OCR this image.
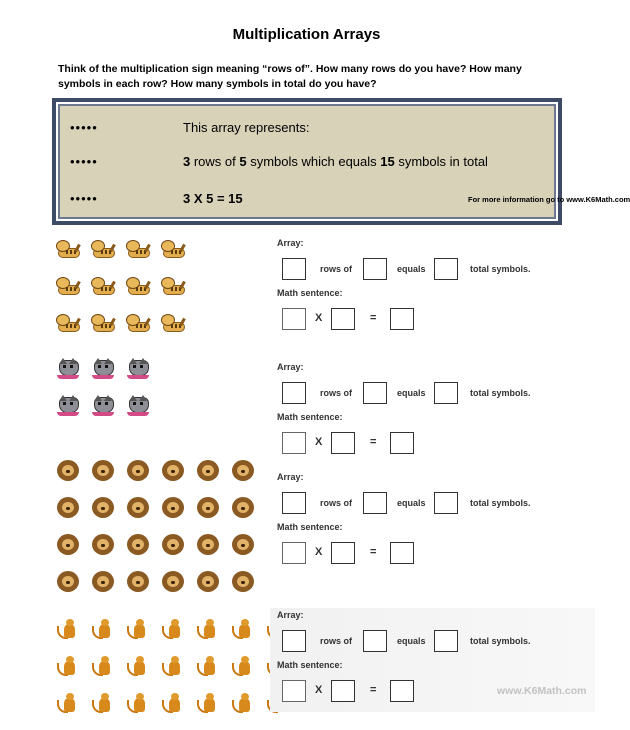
Multiplication Arrays
Think of the multiplication sign meaning “rows of”. How many rows do you have? How many symbols in each row? How many symbols in total do you have?
•••••	This array represents:
•••••	3 rows of 5 symbols which equals 15 symbols in total
•••••	3 X 5 = 15	For more information go to www.K6Math.com
Array:
rows of	equals	total symbols.
Math sentence:
X	=
Array:
rows of	equals	total symbols.
Math sentence:
X	=
Array:
rows of	equals	total symbols.
Math sentence:
X	=
Array:
rows of	equals	total symbols.
Math sentence:
X	=	www.K6Math.com
